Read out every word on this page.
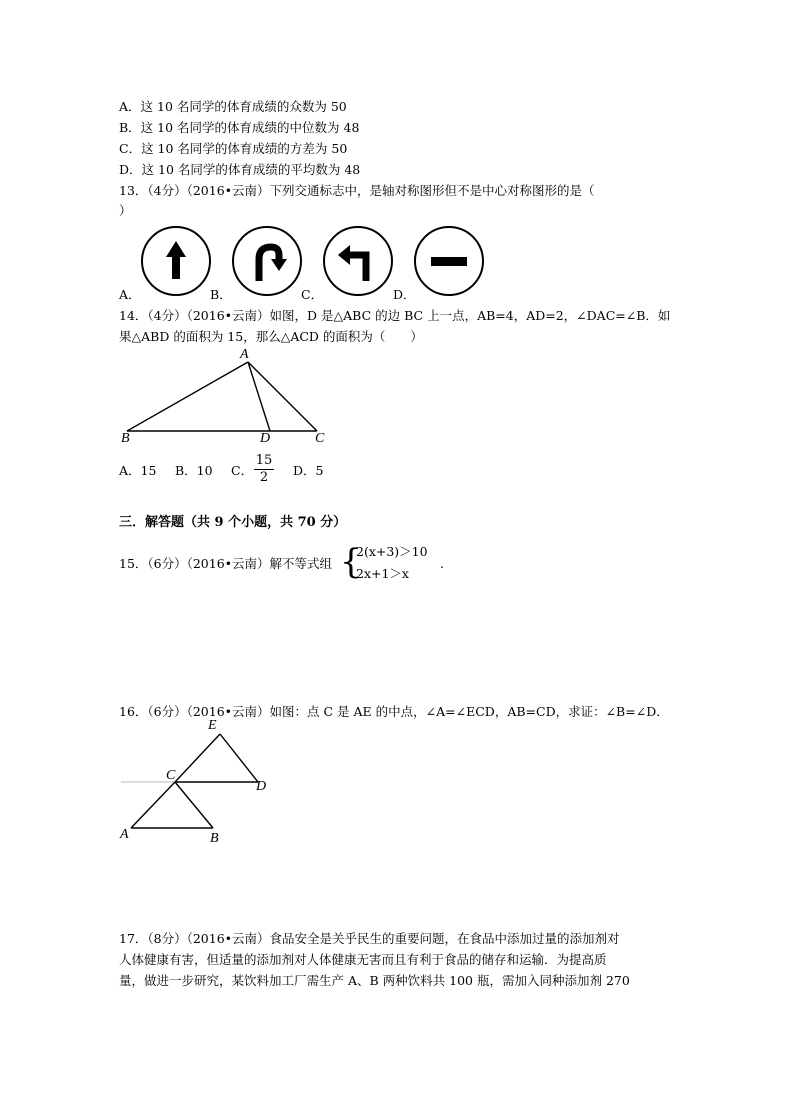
A．这 10 名同学的体育成绩的众数为 50
B．这 10 名同学的体育成绩的中位数为 48
C．这 10 名同学的体育成绩的方差为 50
D．这 10 名同学的体育成绩的平均数为 48
13．（4分）（2016•云南）下列交通标志中，是轴对称图形但不是中心对称图形的是（
）
A．	B．	C．	D．
14．（4分）（2016•云南）如图，D 是△ABC 的边 BC 上一点，AB=4，AD=2，∠DAC=∠B．如
果△ABD 的面积为 15，那么△ACD 的面积为（　　）
A
B	D	C
A．15 B．10 C． $\frac{15}{2}$ D．5
三．解答题（共 9 个小题，共 70 分）
15．（6分）（2016•云南）解不等式组 {
2(x+3)＞10
2x+1＞x
.
16．（6分）（2016•云南）如图：点 C 是 AE 的中点，∠A=∠ECD，AB=CD，求证：∠B=∠D．
E
C
D
A	B
17．（8分）（2016•云南）食品安全是关乎民生的重要问题，在食品中添加过量的添加剂对
人体健康有害，但适量的添加剂对人体健康无害而且有利于食品的储存和运输．为提高质
量，做进一步研究，某饮料加工厂需生产 A、B 两种饮料共 100 瓶，需加入同种添加剂 270
